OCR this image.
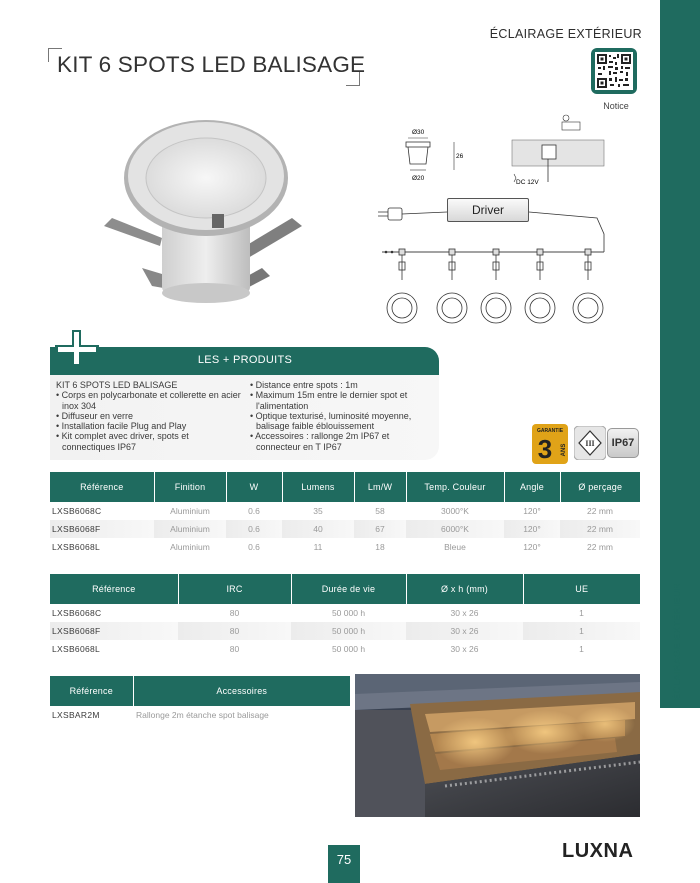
ÉCLAIRAGE EXTÉRIEUR
ÉCLAIRAGE EXTÉRIEUR
KIT 6 SPOTS LED BALISAGE
Notice
Ø30
26
Ø20
DC 12V
Driver
LES + PRODUITS
KIT 6 SPOTS LED BALISAGE
• Corps en polycarbonate et collerette en acier inox 304
• Diffuseur en verre
• Installation facile Plug and Play
• Kit complet avec driver, spots et connectiques IP67
• Distance entre spots : 1m
• Maximum 15m entre le dernier spot et l'alimentation
• Optique texturisé, luminosité moyenne, balisage faible éblouissement
• Accessoires : rallonge 2m IP67 et connecteur en T IP67
GARANTIE
3 ANS
III	IP67
Référence	Finition	W	Lumens	Lm/W	Temp. Couleur	Angle	Ø perçage
LXSB6068C	Aluminium	0.6	35	58	3000°K	120°	22 mm
LXSB6068F	Aluminium	0.6	40	67	6000°K	120°	22 mm
LXSB6068L	Aluminium	0.6	11	18	Bleue	120°	22 mm
Référence	IRC	Durée de vie	Ø x h (mm)	UE
LXSB6068C	80	50 000 h	30 x 26	1
LXSB6068F	80	50 000 h	30 x 26	1
LXSB6068L	80	50 000 h	30 x 26	1
Référence	Accessoires
LXSBAR2M	Rallonge 2m étanche spot balisage
75	LUXNA
